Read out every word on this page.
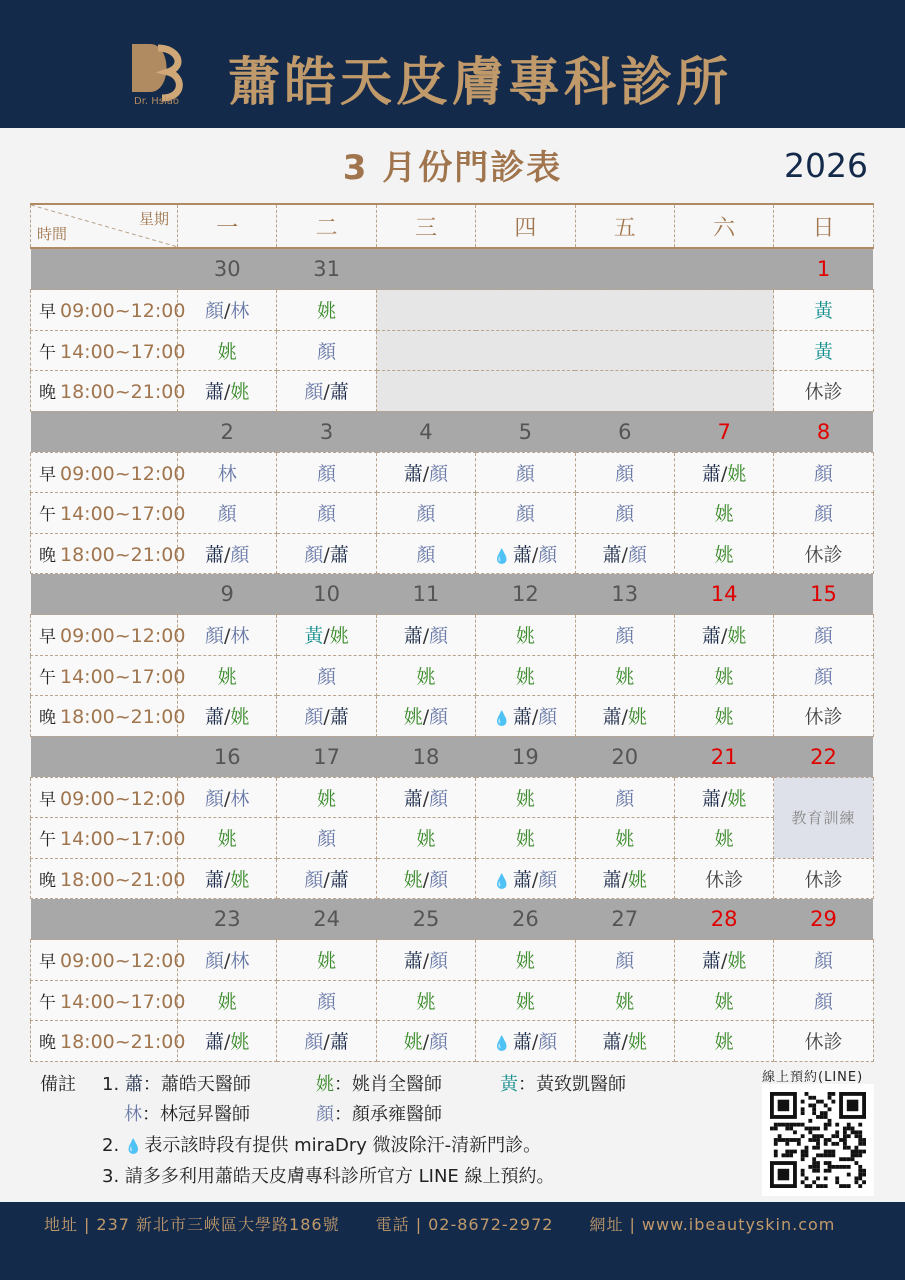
Dr. Hsiao 蕭皓天皮膚專科診所
3 月份門診表	2026
星期
時間	一	二	三	四	五	六	日
	30	31					1
早 09:00~12:00	顏/林	姚					黃
午 14:00~17:00	姚	顏					黃
晚 18:00~21:00	蕭/姚	顏/蕭					休診
	2	3	4	5	6	7	8
早 09:00~12:00	林	顏	蕭/顏	顏	顏	蕭/姚	顏
午 14:00~17:00	顏	顏	顏	顏	顏	姚	顏
晚 18:00~21:00	蕭/顏	顏/蕭	顏	💧 蕭/顏	蕭/顏	姚	休診
	9	10	11	12	13	14	15
早 09:00~12:00	顏/林	黃/姚	蕭/顏	姚	顏	蕭/姚	顏
午 14:00~17:00	姚	顏	姚	姚	姚	姚	顏
晚 18:00~21:00	蕭/姚	顏/蕭	姚/顏	💧 蕭/顏	蕭/姚	姚	休診
	16	17	18	19	20	21	22
早 09:00~12:00	顏/林	姚	蕭/顏	姚	顏	蕭/姚	教育訓練
午 14:00~17:00	姚	顏	姚	姚	姚	姚	
晚 18:00~21:00	蕭/姚	顏/蕭	姚/顏	💧 蕭/顏	蕭/姚	休診	休診
	23	24	25	26	27	28	29
早 09:00~12:00	顏/林	姚	蕭/顏	姚	顏	蕭/姚	顏
午 14:00~17:00	姚	顏	姚	姚	姚	姚	顏
晚 18:00~21:00	蕭/姚	顏/蕭	姚/顏	💧 蕭/顏	蕭/姚	姚	休診
備註 1. 蕭：蕭皓天醫師	姚：姚肖全醫師	黃：黃致凱醫師
林：林冠昇醫師	顏：顏承雍醫師
2. 💧 表示該時段有提供 miraDry 微波除汗-清新門診。
3. 請多多利用蕭皓天皮膚專科診所官方 LINE 線上預約。
線上預約(LINE)
地址 | 237 新北市三峽區大學路186號 電話 | 02-8672-2972 網址 | www.ibeautyskin.com
